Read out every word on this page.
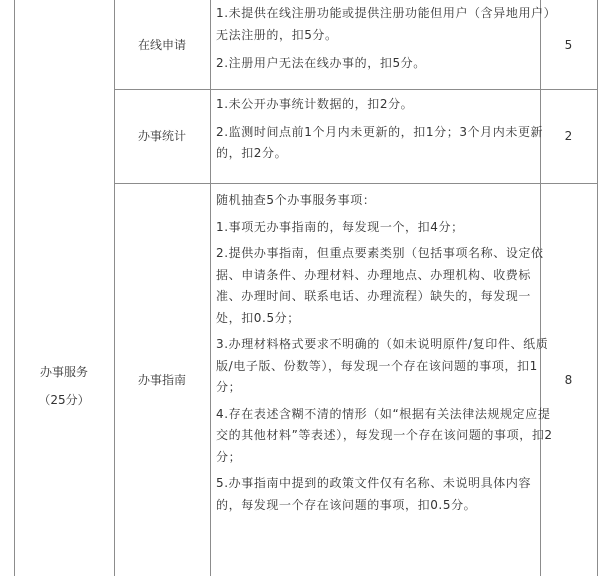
办事服务
（25分）
在线申请

1.未提供在线注册功能或提供注册功能但用户（含异地用户）无法注册的，扣5分。

2.注册用户无法在线办事的，扣5分。

5
办事统计

1.未公开办事统计数据的，扣2分。

2.监测时间点前1个月内未更新的，扣1分；3个月内未更新的，扣2分。

2
办事指南

随机抽查5个办事服务事项：

1.事项无办事指南的，每发现一个，扣4分；

2.提供办事指南，但重点要素类别（包括事项名称、设定依据、申请条件、办理材料、办理地点、办理机构、收费标准、办理时间、联系电话、办理流程）缺失的，每发现一处，扣0.5分；

3.办理材料格式要求不明确的（如未说明原件/复印件、纸质版/电子版、份数等），每发现一个存在该问题的事项，扣1分；

4.存在表述含糊不清的情形（如“根据有关法律法规规定应提交的其他材料”等表述），每发现一个存在该问题的事项，扣2分；

5.办事指南中提到的政策文件仅有名称、未说明具体内容的，每发现一个存在该问题的事项，扣0.5分。

8
